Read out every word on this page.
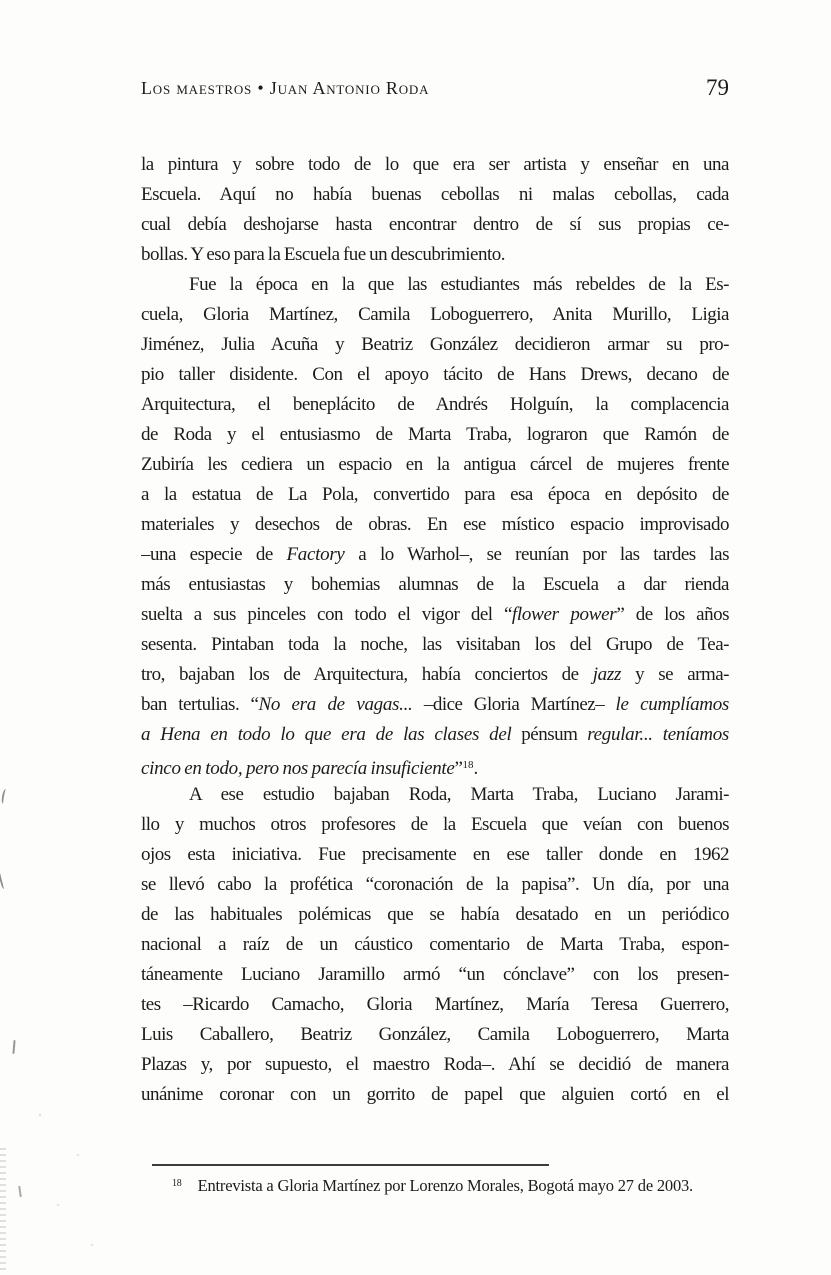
Los maestros • Juan Antonio Roda	79
la pintura y sobre todo de lo que era ser artista y enseñar en una
Escuela. Aquí no había buenas cebollas ni malas cebollas, cada
cual debía deshojarse hasta encontrar dentro de sí sus propias ce-
bollas. Y eso para la Escuela fue un descubrimiento.
Fue la época en la que las estudiantes más rebeldes de la Es-
cuela, Gloria Martínez, Camila Loboguerrero, Anita Murillo, Ligia
Jiménez, Julia Acuña y Beatriz González decidieron armar su pro-
pio taller disidente. Con el apoyo tácito de Hans Drews, decano de
Arquitectura, el beneplácito de Andrés Holguín, la complacencia
de Roda y el entusiasmo de Marta Traba, lograron que Ramón de
Zubiría les cediera un espacio en la antigua cárcel de mujeres frente
a la estatua de La Pola, convertido para esa época en depósito de
materiales y desechos de obras. En ese místico espacio improvisado
–una especie de Factory a lo Warhol–, se reunían por las tardes las
más entusiastas y bohemias alumnas de la Escuela a dar rienda
suelta a sus pinceles con todo el vigor del “flower power” de los años
sesenta. Pintaban toda la noche, las visitaban los del Grupo de Tea-
tro, bajaban los de Arquitectura, había conciertos de jazz y se arma-
ban tertulias. “No era de vagas... –dice Gloria Martínez– le cumplíamos
a Hena en todo lo que era de las clases del pénsum regular... teníamos
cinco en todo, pero nos parecía insuficiente”$^{18}$.
A ese estudio bajaban Roda, Marta Traba, Luciano Jarami-
llo y muchos otros profesores de la Escuela que veían con buenos
ojos esta iniciativa. Fue precisamente en ese taller donde en 1962
se llevó cabo la profética “coronación de la papisa”. Un día, por una
de las habituales polémicas que se había desatado en un periódico
nacional a raíz de un cáustico comentario de Marta Traba, espon-
táneamente Luciano Jaramillo armó “un cónclave” con los presen-
tes –Ricardo Camacho, Gloria Martínez, María Teresa Guerrero,
Luis Caballero, Beatriz González, Camila Loboguerrero, Marta
Plazas y, por supuesto, el maestro Roda–. Ahí se decidió de manera
unánime coronar con un gorrito de papel que alguien cortó en el
$^{18}$ Entrevista a Gloria Martínez por Lorenzo Morales, Bogotá mayo 27 de 2003.
